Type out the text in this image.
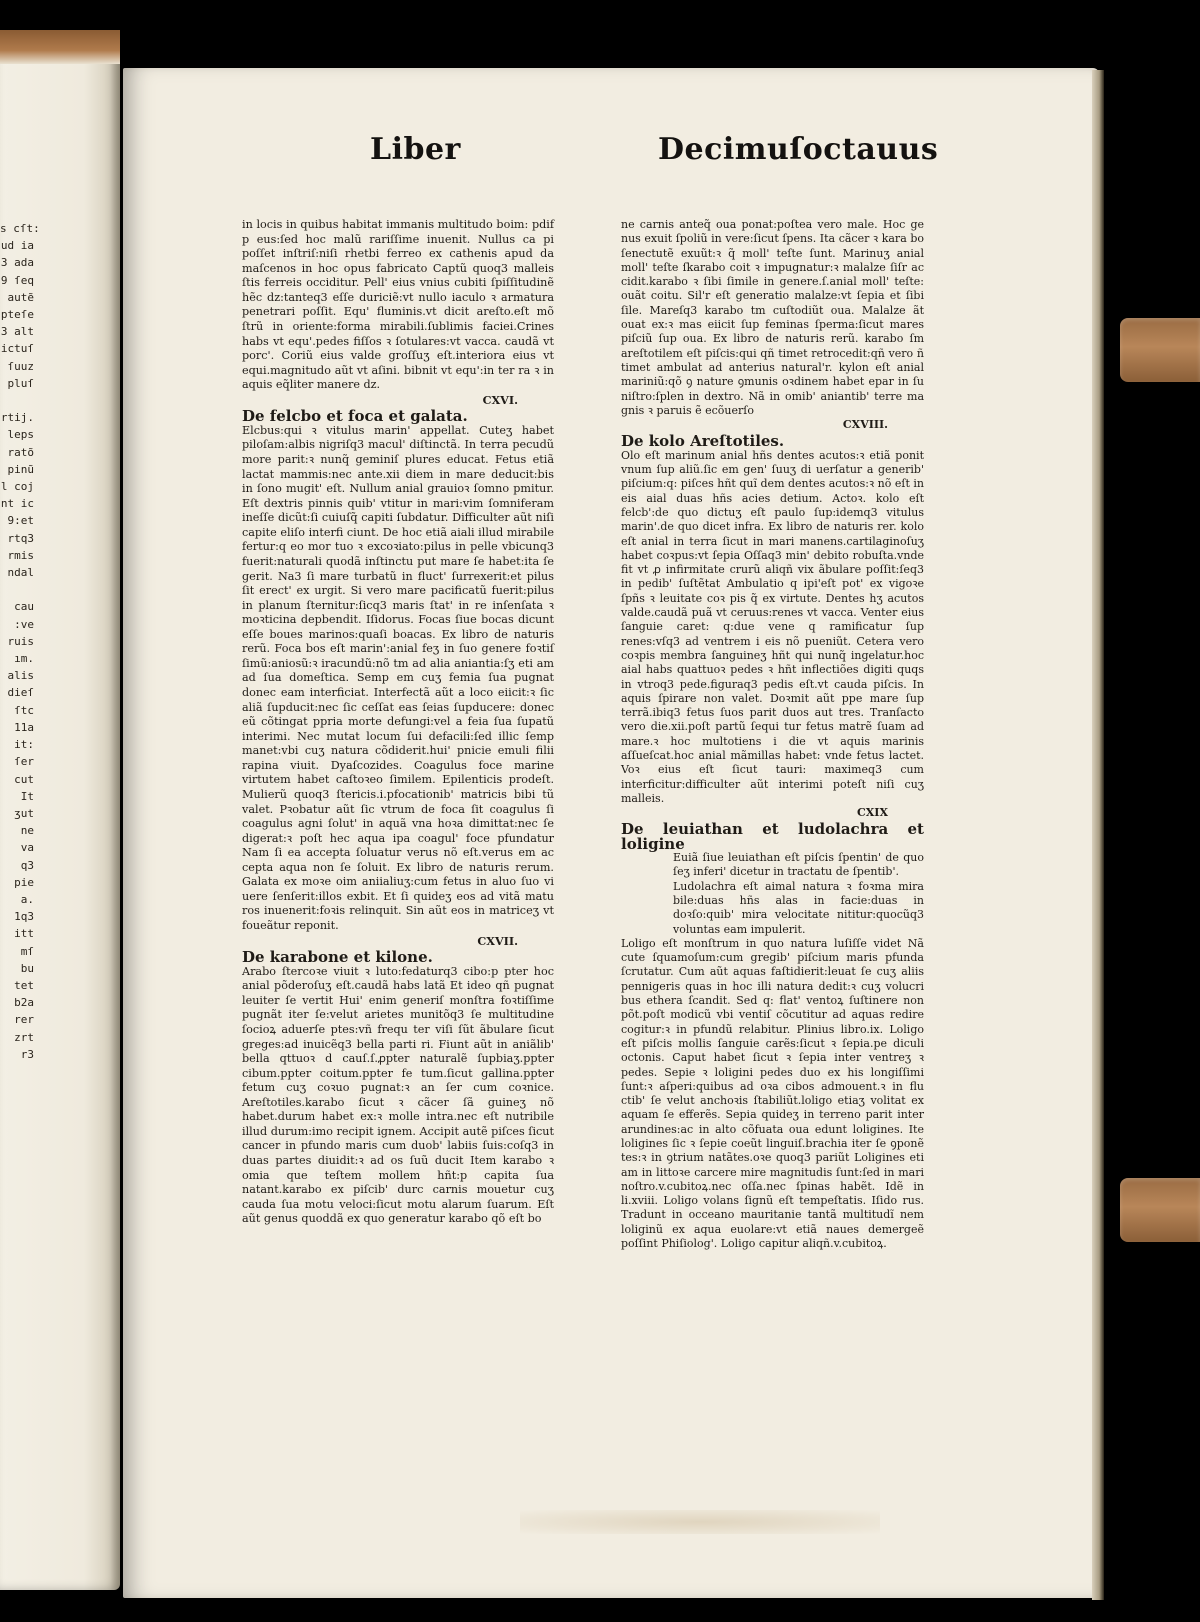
s cſt:
ud ia
3 ada
9 ſeq
autẽ
pteſe
3 alt
ictuſ
ſuuz
pluſ

rtij.
leps
ratõ
pinũ
l coj
nt ic
9:et
rtq3
rmis
ndal

cau
:ve
ruis
ım.
alis
dieſ
ſtc
11a
it:
ſer
cut
It
ʒut
ne
va
q3
pie
a.
1q3
itt
mſ
bu
tet
b2a
rer
zrt
r3
Liber	Decimuſoctauus

in locis in quibus habitat immanis multitudo boim: pdif p eus:ſed hoc malũ rariſſime inuenit. Nullus ca pi poſſet inſtriſ:niſi rhetbi ferreo ex cathenis apud da maſcenos in hoc opus fabricato Captũ quoq3 malleis ſtis ferreis occiditur. Pell' eius vnius cubiti ſpiſſitudinẽ hẽc dz:tanteq3 eſſe duriciẽ:vt nullo iaculo ꝛ armatura penetrari poſſit. Equ' fluminis.vt dicit areſto.eſt mõ ſtrũ in oriente:forma mirabili.ſublimis faciei.Crines habs vt equ'.pedes fiſſos ꝛ ſotulares:vt vacca. caudã vt porc'. Coriũ eius valde groſſuʒ eſt.interiora eius vt equi.magnitudo aũt vt aſini. bibnit vt equ':in ter ra ꝛ in aquis eq̃liter manere dz.

CXVI.

De felcbo et foca et galata.

Elcbus:qui ꝛ vitulus marin' appellat. Cuteʒ habet piloſam:albis nigriſq3 macul' diſtinctã. In terra pecudũ more parit:ꝛ nunq̃ geminiſ plures educat. Fetus etiã lactat mammis:nec ante.xii diem in mare deducit:bis in ſono mugit' eſt. Nullum anial grauioꝛ ſomno pmitur. Eſt dextris pinnis quib' vtitur in mari:vim ſomniferam ineſſe dicũt:ſi cuiuſq̃ capiti ſubdatur. Difficulter aũt niſi capite eliſo interfi ciunt. De hoc etiã aiali illud mirabile fertur:q eo mor tuo ꝛ excoꝛiato:pilus in pelle vbicunq3 fuerit:naturali quodã inſtinctu put mare ſe habet:ita ſe gerit. Na3 ſi mare turbatũ in fluct' ſurrexerit:et pilus ſit erect' ex urgit. Si vero mare pacificatũ fuerit:pilus in planum ſternitur:ſicq3 maris ſtat' in re inſenſata ꝛ moꝛticina depbendit. Iſidorus. Focas ſiue bocas dicunt eſſe boues marinos:quaſi boacas. Ex libro de naturis rerũ. Foca bos eſt marin':anial feʒ in ſuo genere foꝛtiſ ſimũ:aniosũ:ꝛ iracundũ:nõ tm ad alia aniantia:ſʒ eti am ad ſua domeſtica. Semp em cuʒ femia ſua pugnat donec eam interficiat. Interfectã aũt a loco eiicit:ꝛ ſic aliã ſupducit:nec ſic ceſſat eas ſeias ſupducere: donec eũ cõtingat ppria morte defungi:vel a feia ſua ſupatũ interimi. Nec mutat locum ſui defacili:ſed illic ſemp manet:vbi cuʒ natura cõdiderit.hui' pnicie emuli filii rapina viuit. Dyaſcozides. Coagulus foce marine virtutem habet caſtoꝛeo ſimilem. Epilenticis prodeſt. Mulierũ quoq3 ſtericis.i.pfocationib' matricis bibi tũ valet. Pꝛobatur aũt ſic vtrum de foca ſit coagulus ſi coagulus agni ſolut' in aquã vna hoꝛa dimittat:nec ſe digerat:ꝛ poſt hec aqua ipa coagul' foce pfundatur Nam ſi ea accepta ſoluatur verus nõ eſt.verus em ac cepta aqua non ſe ſoluit. Ex libro de naturis rerum. Galata ex moꝛe oim aniialiuʒ:cum fetus in aluo ſuo vi uere ſenſerit:illos exbit. Et ſi quideʒ eos ad vitã matu ros inuenerit:foꝛis relinquit. Sin aũt eos in matriceʒ vt foueãtur reponit.

CXVII.

De karabone et kilone.

Arabo ſtercoꝛe viuit ꝛ luto:fedaturq3 cibo:p pter hoc anial põderoſuʒ eſt.caudã habs latã Et ideo qñ pugnat leuiter ſe vertit Hui' enim generiſ monſtra foꝛtiſſime pugnãt iter ſe:velut arietes munitõq3 ſe multitudine ſocioꝝ aduerſe ptes:vñ frequ ter viſi ſũt ãbulare ſicut greges:ad inuicẽq3 bella parti ri. Fiunt aũt in aniãlib' bella qttuoꝛ d cauſ.ſ.ꝓpter naturalẽ ſupbiaʒ.ppter cibum.ppter coitum.ppter fe tum.ſicut gallina.ppter fetum cuʒ coꝛuo pugnat:ꝛ an ſer cum coꝛnice. Areſtotiles.karabo ſicut ꝛ cãcer ſã guineʒ nõ habet.durum habet ex:ꝛ molle intra.nec eſt nutribile illud durum:imo recipit ignem. Accipit autẽ piſces ſicut cancer in pfundo maris cum duob' labiis ſuis:coſq3 in duas partes diuidit:ꝛ ad os ſuũ ducit Item karabo ꝛ omia que teſtem mollem hñt:p capita ſua natant.karabo ex piſcib' durc carnis mouetur cuʒ cauda ſua motu veloci:ſicut motu alarum ſuarum. Eſt aũt genus quoddã ex quo generatur karabo qõ eſt bo

ne carnis anteq̃ oua ponat:poſtea vero male. Hoc ge nus exuit ſpoliũ in vere:ſicut ſpens. Ita cãcer ꝛ kara bo ſenectutẽ exuũt:ꝛ q̃ moll' teſte ſunt. Marinuʒ anial moll' teſte ſkarabo coit ꝛ impugnatur:ꝛ malalze ſiſr ac cidit.karabo ꝛ ſibi ſimile in genere.ſ.anial moll' teſte: ouãt coitu. Sil'r eſt generatio malalze:vt ſepia et ſibi ſile. Mareſq3 karabo tm cuſtodiũt oua. Malalze ãt ouat ex:ꝛ mas eiicit ſup feminas ſperma:ſicut mares piſciũ ſup oua. Ex libro de naturis rerũ. karabo ſm areſtotilem eſt piſcis:qui qñ timet retrocedit:qñ vero ñ timet ambulat ad anterius natural'r. kylon eſt anial mariniũ:qõ ꝯ nature ꝯmunis oꝛdinem habet epar in ſu niſtro:ſplen in dextro. Nã in omib' aniantib' terre ma gnis ꝛ paruis ẽ ecõuerſo

CXVIII.

De kolo Areſtotiles.

Olo eſt marinum anial hñs dentes acutos:ꝛ etiã ponit vnum ſup aliũ.ſic em gen' ſuuʒ di uerſatur a generib' piſcium:q: piſces hñt quĩ dem dentes acutos:ꝛ nõ eſt in eis aial duas hñs acies detium. Actoꝛ. kolo eſt felcb':de quo dictuʒ eſt paulo ſup:idemq3 vitulus marin'.de quo dicet infra. Ex libro de naturis rer. kolo eſt anial in terra ſicut in mari manens.cartilaginoſuʒ habet coꝛpus:vt ſepia Oſſaq3 min' debito robuſta.vnde fit vt ꝓ infirmitate crurũ aliqñ vix ãbulare poſſit:ſeq3 in pedib' ſuſtẽtat Ambulatio q ipi'eſt pot' ex vigoꝛe ſpñs ꝛ leuitate coꝛ pis q̃ ex virtute. Dentes hʒ acutos valde.caudã puã vt ceruus:renes vt vacca. Venter eius ſanguie caret: q:due vene q ramificatur ſup renes:vſq3 ad ventrem i eis nõ pueniũt. Cetera vero coꝛpis membra ſanguineʒ hñt qui nunq̃ ingelatur.hoc aial habs quattuoꝛ pedes ꝛ hñt inflectiões digiti quqs in vtroq3 pede.figuraq3 pedis eſt.vt cauda piſcis. In aquis ſpirare non valet. Doꝛmit aũt ppe mare ſup terrã.ibiq3 fetus ſuos parit duos aut tres. Tranſacto vero die.xii.poſt partũ ſequi tur fetus matrẽ ſuam ad mare.ꝛ hoc multotiens i die vt aquis marinis aſſueſcat.hoc anial mãmillas habet: vnde fetus lactet. Voꝛ eius eſt ſicut tauri: maximeq3 cum interficitur:difficulter aũt interimi poteſt niſi cuʒ malleis.

CXIX

De leuiathan et ludolachra et loligine

Euiã ſiue leuiathan eſt piſcis ſpentin' de quo ſeʒ inferi' dicetur in tractatu de ſpentib'.

Ludolachra eſt aimal natura ꝛ foꝛma mira bile:duas hñs alas in facie:duas in doꝛſo:quib' mira velocitate nititur:quocũq3 voluntas eam impulerit.

Loligo eſt monſtrum in quo natura luſiſſe videt Nã cute ſquamoſum:cum gregib' piſcium maris pfunda ſcrutatur. Cum aũt aquas faſtidierit:leuat ſe cuʒ aliis pennigeris quas in hoc illi natura dedit:ꝛ cuʒ volucri bus ethera ſcandit. Sed q: flat' ventoꝝ ſuſtinere non põt.poſt modicũ vbi ventiſ cõcutitur ad aquas redire cogitur:ꝛ in pfundũ relabitur. Plinius libro.ix. Loligo eſt piſcis mollis ſanguie carẽs:ſicut ꝛ ſepia.pe diculi octonis. Caput habet ſicut ꝛ ſepia inter ventreʒ ꝛ pedes. Sepie ꝛ loligini pedes duo ex his longiſſimi ſunt:ꝛ aſperi:quibus ad oꝛa cibos admouent.ꝛ in flu ctib' ſe velut anchoꝛis ſtabiliũt.loligo etiaʒ volitat ex aquam ſe efferẽs. Sepia quideʒ in terreno parit inter arundines:ac in alto cõfuata oua edunt loligines. Ite loligines ſic ꝛ ſepie coeũt linguiſ.brachia iter ſe ꝯponẽ tes:ꝛ in ꝯtrium natãtes.oꝛe quoq3 pariũt Loligines eti am in littoꝛe carcere mire magnitudis ſunt:ſed in mari noſtro.v.cubitoꝝ.nec oſſa.nec ſpinas habẽt. Idẽ in li.xviii. Loligo volans ſignũ eſt tempeſtatis. Iſido rus. Tradunt in occeano mauritanie tantã multitudĩ nem loliginũ ex aqua euolare:vt etiã naues demergeẽ poſſint Phiſiolog'. Loligo capitur aliqñ.v.cubitoꝝ.
